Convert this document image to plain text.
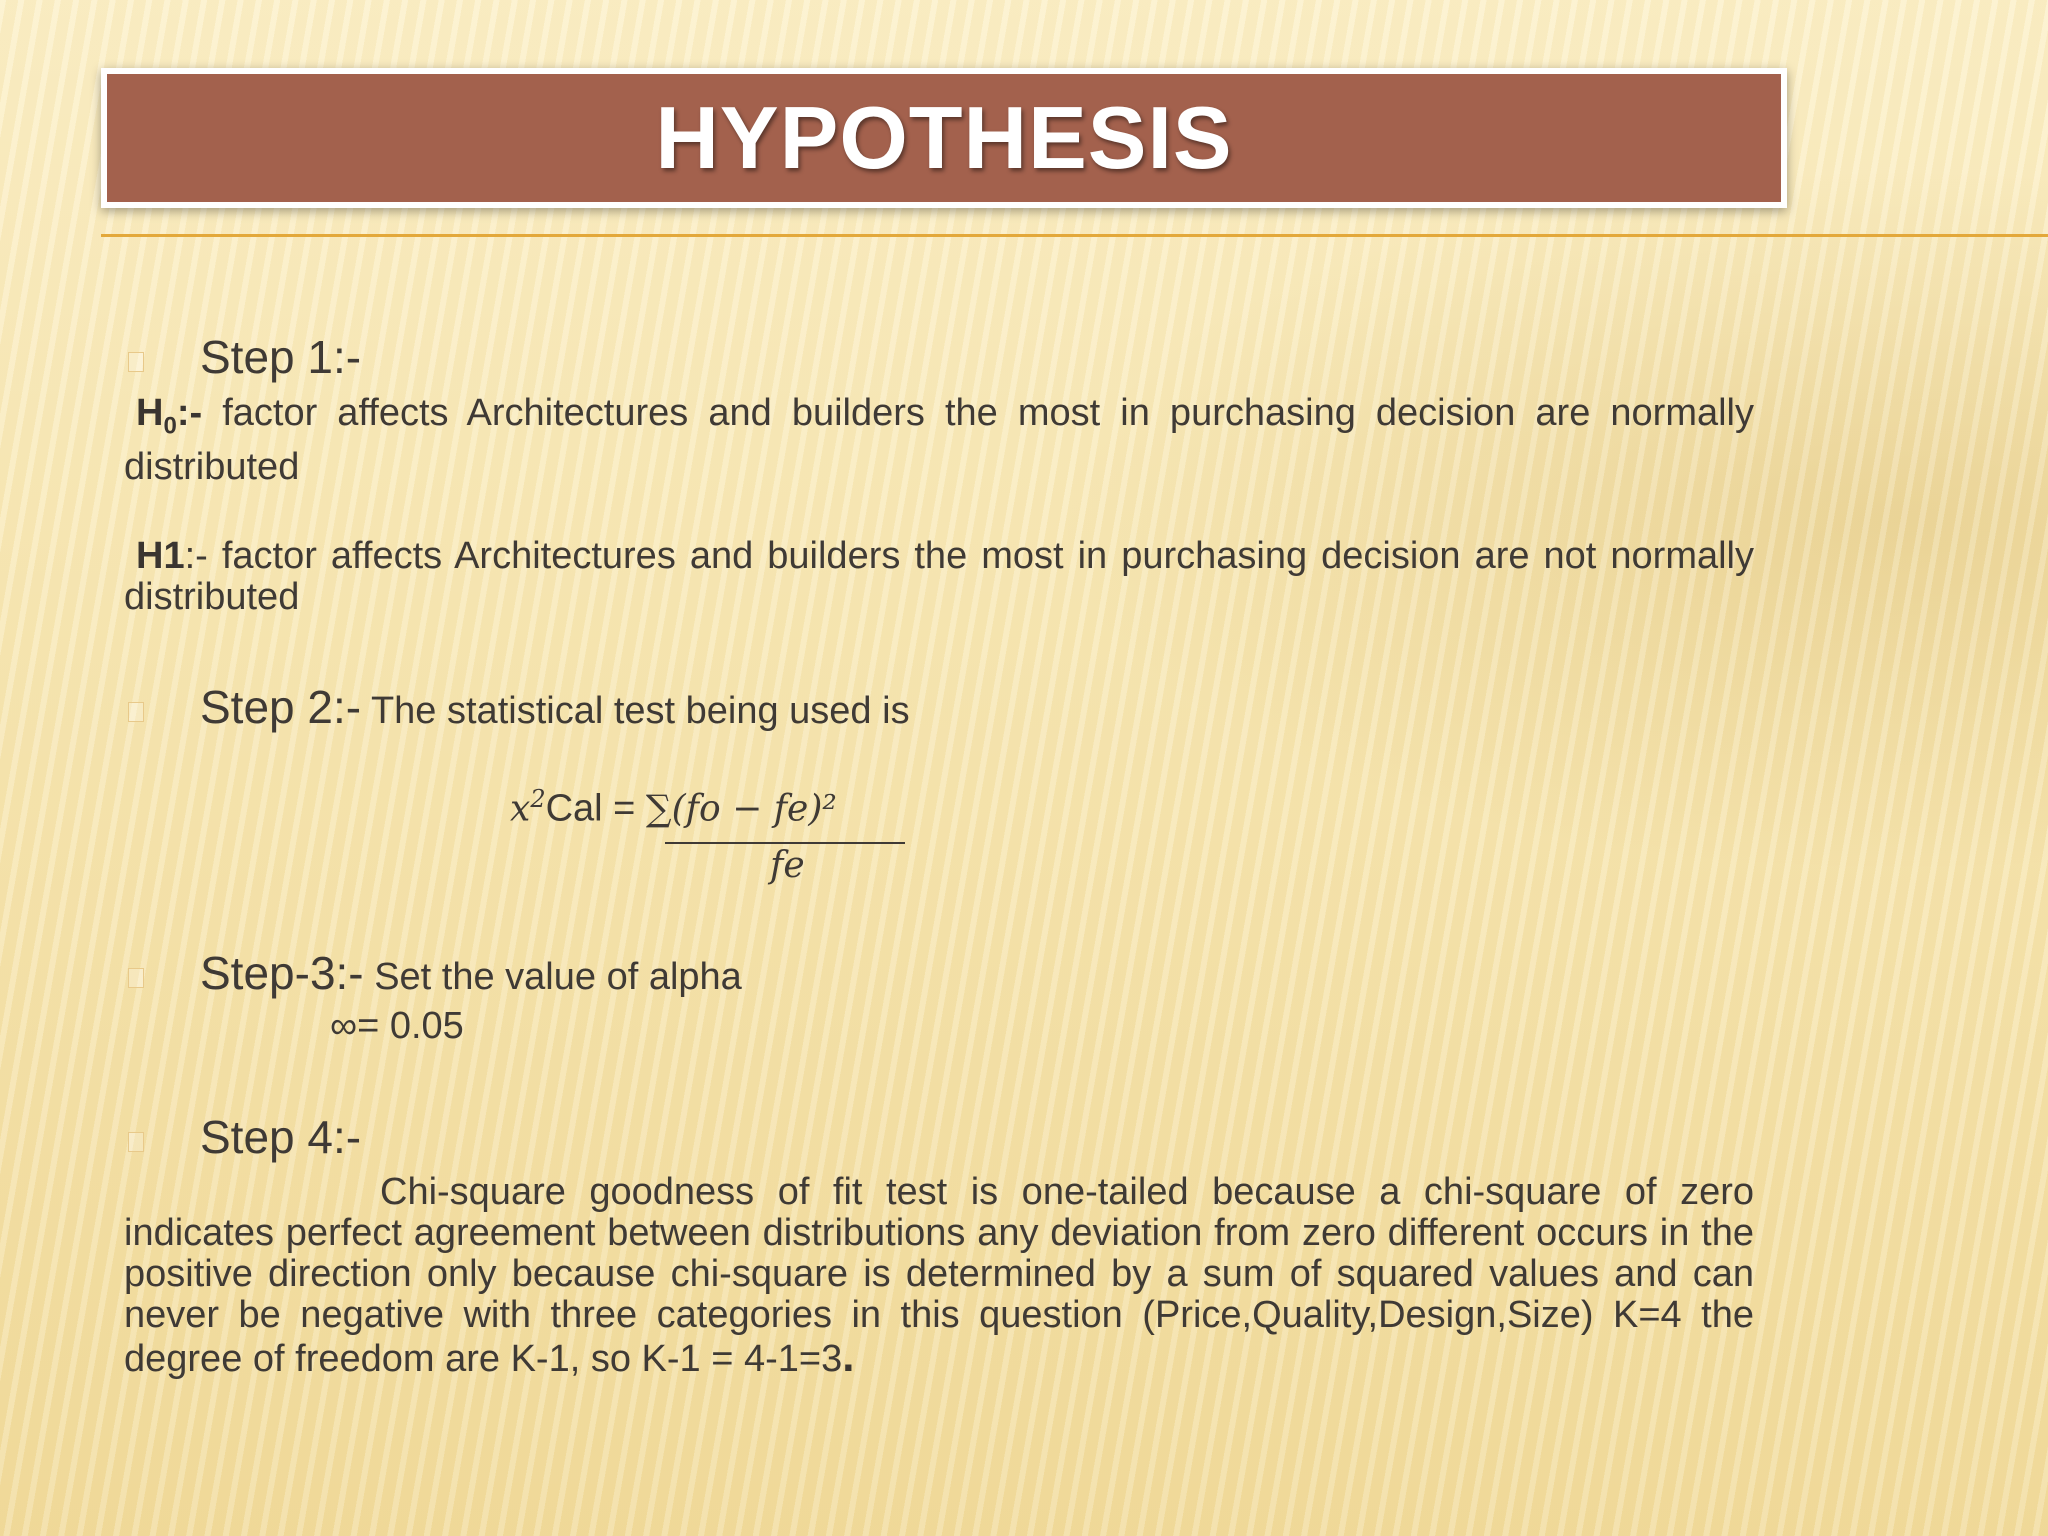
HYPOTHESIS
Step 1:-
$H_0:-$ factor affects Architectures and builders the most in purchasing decision are normally distributed
H1:- factor affects Architectures and builders the most in purchasing decision are not normally distributed
Step 2:- The statistical test being used is
𝑥$^2$Cal = ∑(𝑓𝑜 − 𝑓𝑒)²
𝑓𝑒
Step-3:- Set the value of alpha
∞= 0.05
Step 4:-
Chi-square goodness of fit test is one-tailed because a chi-square of zero indicates perfect agreement between distributions any deviation from zero different occurs in the positive direction only because chi-square is determined by a sum of squared values and can never be negative with three categories in this question (Price,Quality,Design,Size) K=4 the degree of freedom are K-1, so K-1 = 4-1=3.
